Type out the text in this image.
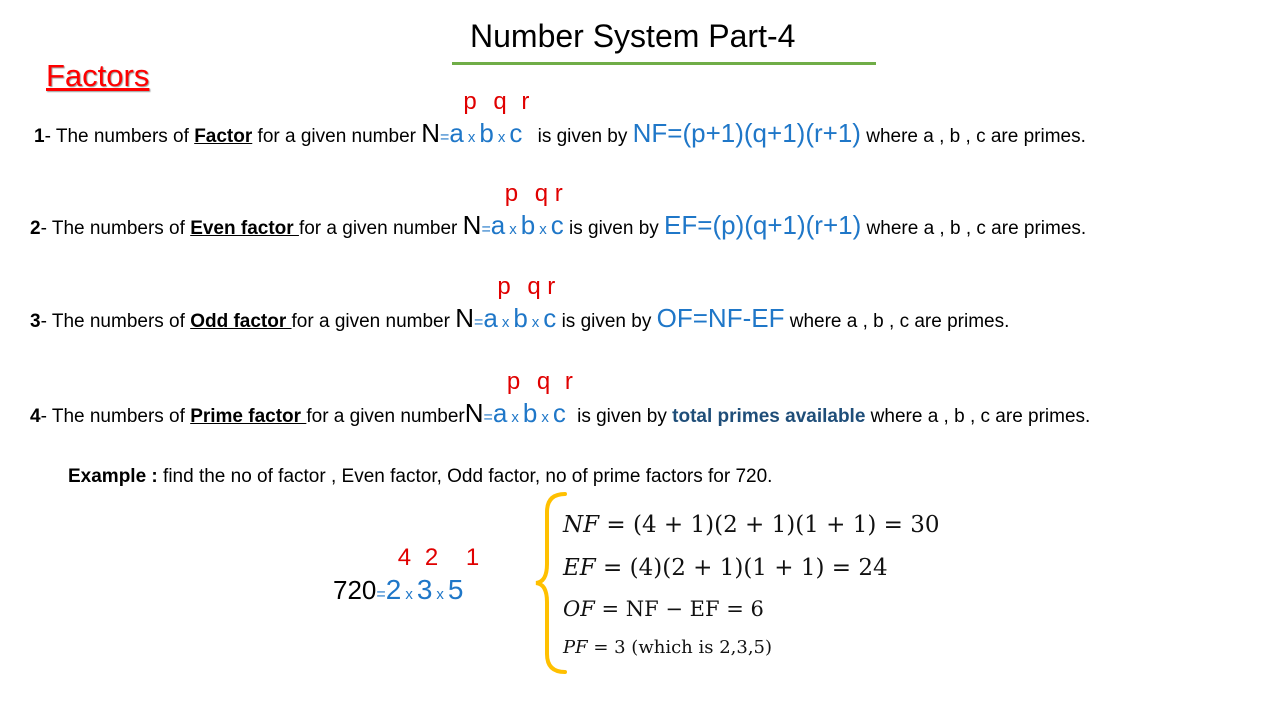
Number System Part-4
Factors
1- The numbers of Factor for a given number N=a
p
x b
q
x c
r
is given by NF=(p+1)(q+1)(r+1) where a , b , c are primes.
2- The numbers of Even factor for a given number N=a
p
x b
q
x c
r
is given by EF=(p)(q+1)(r+1) where a , b , c are primes.
3- The numbers of Odd factor for a given number N=a
p
x b
q
x c
r
is given by OF=NF-EF where a , b , c are primes.
4- The numbers of Prime factor for a given numberN=a
p
x b
q
x c
r
is given by total primes available where a , b , c are primes.
Example : find the no of factor , Even factor, Odd factor, no of prime factors for 720.
720=2
4
x 3
2
x 5
1
NF = (4 + 1)(2 + 1)(1 + 1) = 30
EF = (4)(2 + 1)(1 + 1) = 24
OF = NF − EF = 6
PF = 3 (which is 2,3,5)
